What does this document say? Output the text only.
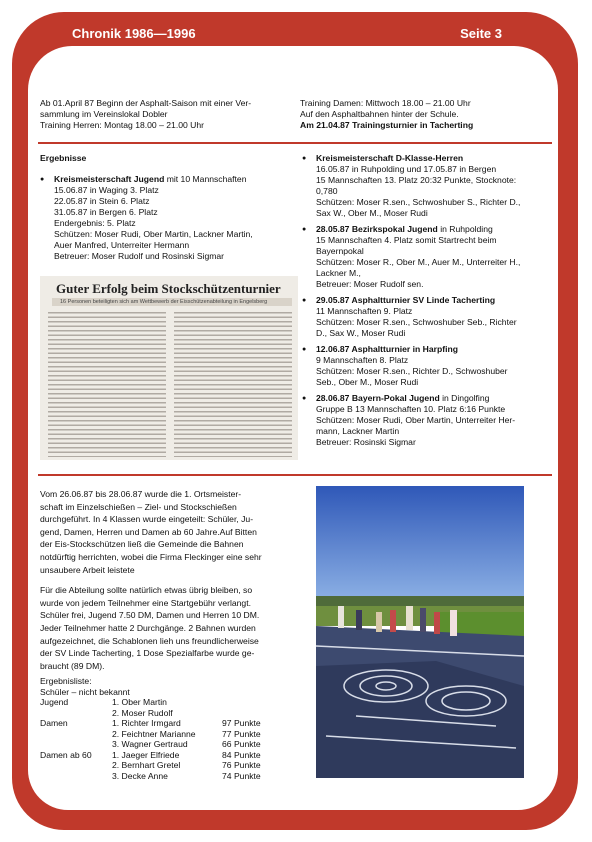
Chronik 1986—1996	Seite 3
Ab 01.April 87 Beginn der Asphalt-Saison mit einer Ver-
sammlung im Vereinslokal Dobler
Training Herren: Montag 18.00 – 21.00 Uhr
Training Damen: Mittwoch 18.00 – 21.00 Uhr
Auf den Asphaltbahnen hinter der Schule.
Am 21.04.87 Trainingsturnier in Tacherting
Ergebnisse
● Kreismeisterschaft Jugend mit 10 Mannschaften
15.06.87 in Waging 3. Platz
22.05.87 in Stein 6. Platz
31.05.87 in Bergen 6. Platz
Endergebnis: 5. Platz
Schützen: Moser Rudi, Ober Martin, Lackner Martin,
Auer Manfred, Unterreiter Hermann
Betreuer: Moser Rudolf und Rosinski Sigmar
Guter Erfolg beim Stockschützenturnier
16 Personen beteiligten sich am Wettbewerb der Eisschützenabteilung in Engelsberg
● Kreismeisterschaft D-Klasse-Herren
16.05.87 in Ruhpolding und 17.05.87 in Bergen
15 Mannschaften 13. Platz 20:32 Punkte, Stocknote:
0,780
Schützen: Moser R.sen., Schwoshuber S., Richter D.,
Sax W., Ober M., Moser Rudi
● 28.05.87 Bezirkspokal Jugend in Ruhpolding
15 Mannschaften 4. Platz somit Startrecht beim
Bayernpokal
Schützen: Moser R., Ober M., Auer M., Unterreiter H.,
Lackner M.,
Betreuer: Moser Rudolf sen.
● 29.05.87 Asphaltturnier SV Linde Tacherting
11 Mannschaften 9. Platz
Schützen: Moser R.sen., Schwoshuber Seb., Richter
D., Sax W., Moser Rudi
● 12.06.87 Asphaltturnier in Harpfing
9 Mannschaften 8. Platz
Schützen: Moser R.sen., Richter D., Schwoshuber
Seb., Ober M., Moser Rudi
● 28.06.87 Bayern-Pokal Jugend in Dingolfing
Gruppe B 13 Mannschaften 10. Platz 6:16 Punkte
Schützen: Moser Rudi, Ober Martin, Unterreiter Her-
mann, Lackner Martin
Betreuer: Rosinski Sigmar
Vom 26.06.87 bis 28.06.87 wurde die 1. Ortsmeister-
schaft im Einzelschießen – Ziel- und Stockschießen
durchgeführt. In 4 Klassen wurde eingeteilt: Schüler, Ju-
gend, Damen, Herren und Damen ab 60 Jahre.Auf Bitten
der Eis-Stockschützen ließ die Gemeinde die Bahnen
notdürftig herrichten, wobei die Firma Fleckinger eine sehr
unsaubere Arbeit leistete
Für die Abteilung sollte natürlich etwas übrig bleiben, so
wurde von jedem Teilnehmer eine Startgebühr verlangt.
Schüler frei, Jugend 7.50 DM, Damen und Herren 10 DM.
Jeder Teilnehmer hatte 2 Durchgänge. 2 Bahnen wurden
aufgezeichnet, die Schablonen lieh uns freundlicherweise
der SV Linde Tacherting, 1 Dose Spezialfarbe wurde ge-
braucht (89 DM).
Ergebnisliste:
Schüler – nicht bekannt
Jugend	1. Ober Martin	
	2. Moser Rudolf	
Damen	1. Richter Irmgard	97 Punkte
	2. Feichtner Marianne	77 Punkte
	3. Wagner Gertraud	66 Punkte
Damen ab 60	1. Jaeger Elfriede	84 Punkte
	2. Bernhart Gretel	76 Punkte
	3. Decke Anne	74 Punkte
